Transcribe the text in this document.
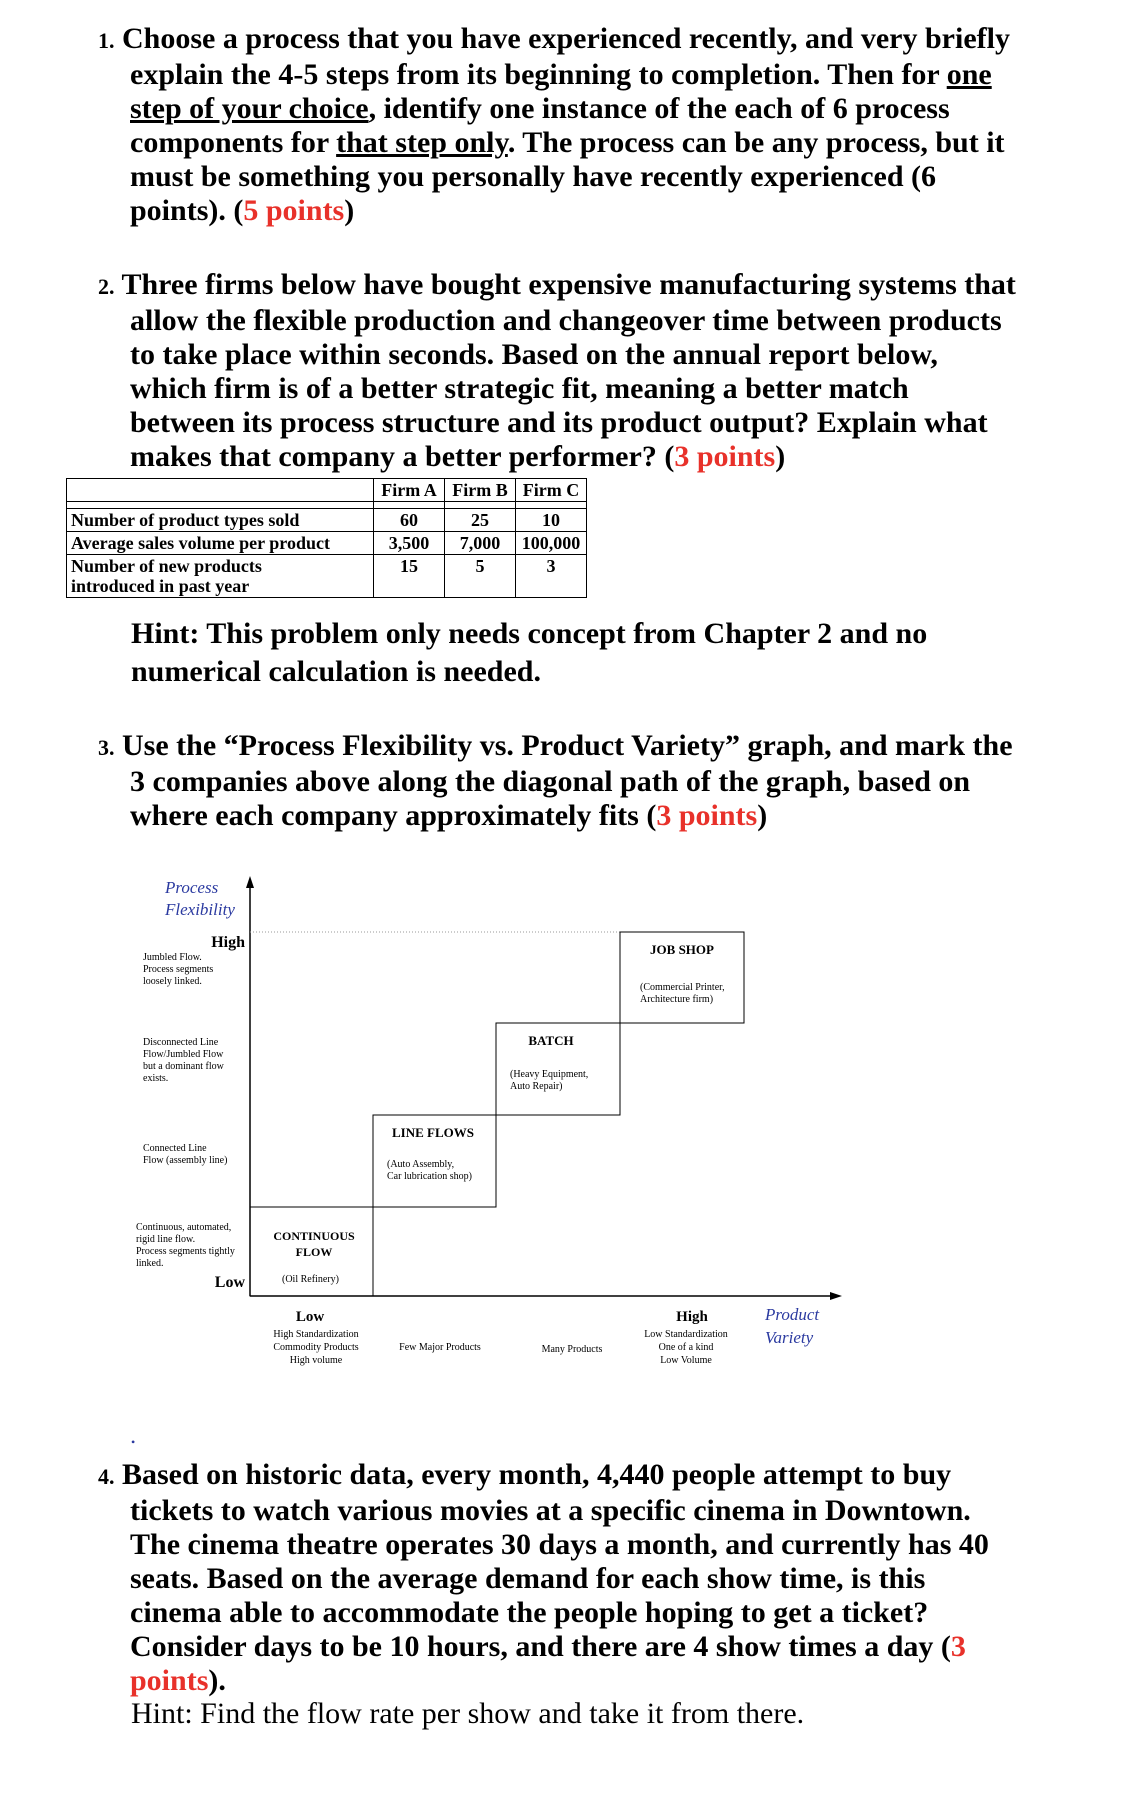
1. Choose a process that you have experienced recently, and very briefly
explain the 4-5 steps from its beginning to completion. Then for one
step of your choice, identify one instance of the each of 6 process
components for that step only. The process can be any process, but it
must be something you personally have recently experienced (6
points). (5 points)
2. Three firms below have bought expensive manufacturing systems that
allow the flexible production and changeover time between products
to take place within seconds. Based on the annual report below,
which firm is of a better strategic fit, meaning a better match
between its process structure and its product output? Explain what
makes that company a better performer? (3 points)
	Firm A	Firm B	Firm C

Number of product types sold	60	25	10
Average sales volume per product	3,500	7,000	100,000
Number of new products
introduced in past year	15	5	3
Hint: This problem only needs concept from Chapter 2 and no
numerical calculation is needed.
3. Use the “Process Flexibility vs. Product Variety” graph, and mark the
3 companies above along the diagonal path of the graph, based on
where each company approximately fits (3 points)
Process
Flexibility
High
Low
Jumbled Flow.
Process segments
loosely linked.
Disconnected Line
Flow/Jumbled Flow
but a dominant flow
exists.
Connected Line
Flow (assembly line)
Continuous, automated,
rigid line flow.
Process segments tightly
linked.
JOB SHOP
(Commercial Printer,
Architecture firm)
BATCH
(Heavy Equipment,
Auto Repair)
LINE FLOWS
(Auto Assembly,
Car lubrication shop)
CONTINUOUS
FLOW
(Oil Refinery)
Low
High Standardization
Commodity Products
High volume
Few Major Products	Many Products
High
Low Standardization
One of a kind
Low Volume
Product
Variety
•
4. Based on historic data, every month, 4,440 people attempt to buy
tickets to watch various movies at a specific cinema in Downtown.
The cinema theatre operates 30 days a month, and currently has 40
seats. Based on the average demand for each show time, is this
cinema able to accommodate the people hoping to get a ticket?
Consider days to be 10 hours, and there are 4 show times a day (3
points).
Hint: Find the flow rate per show and take it from there.
